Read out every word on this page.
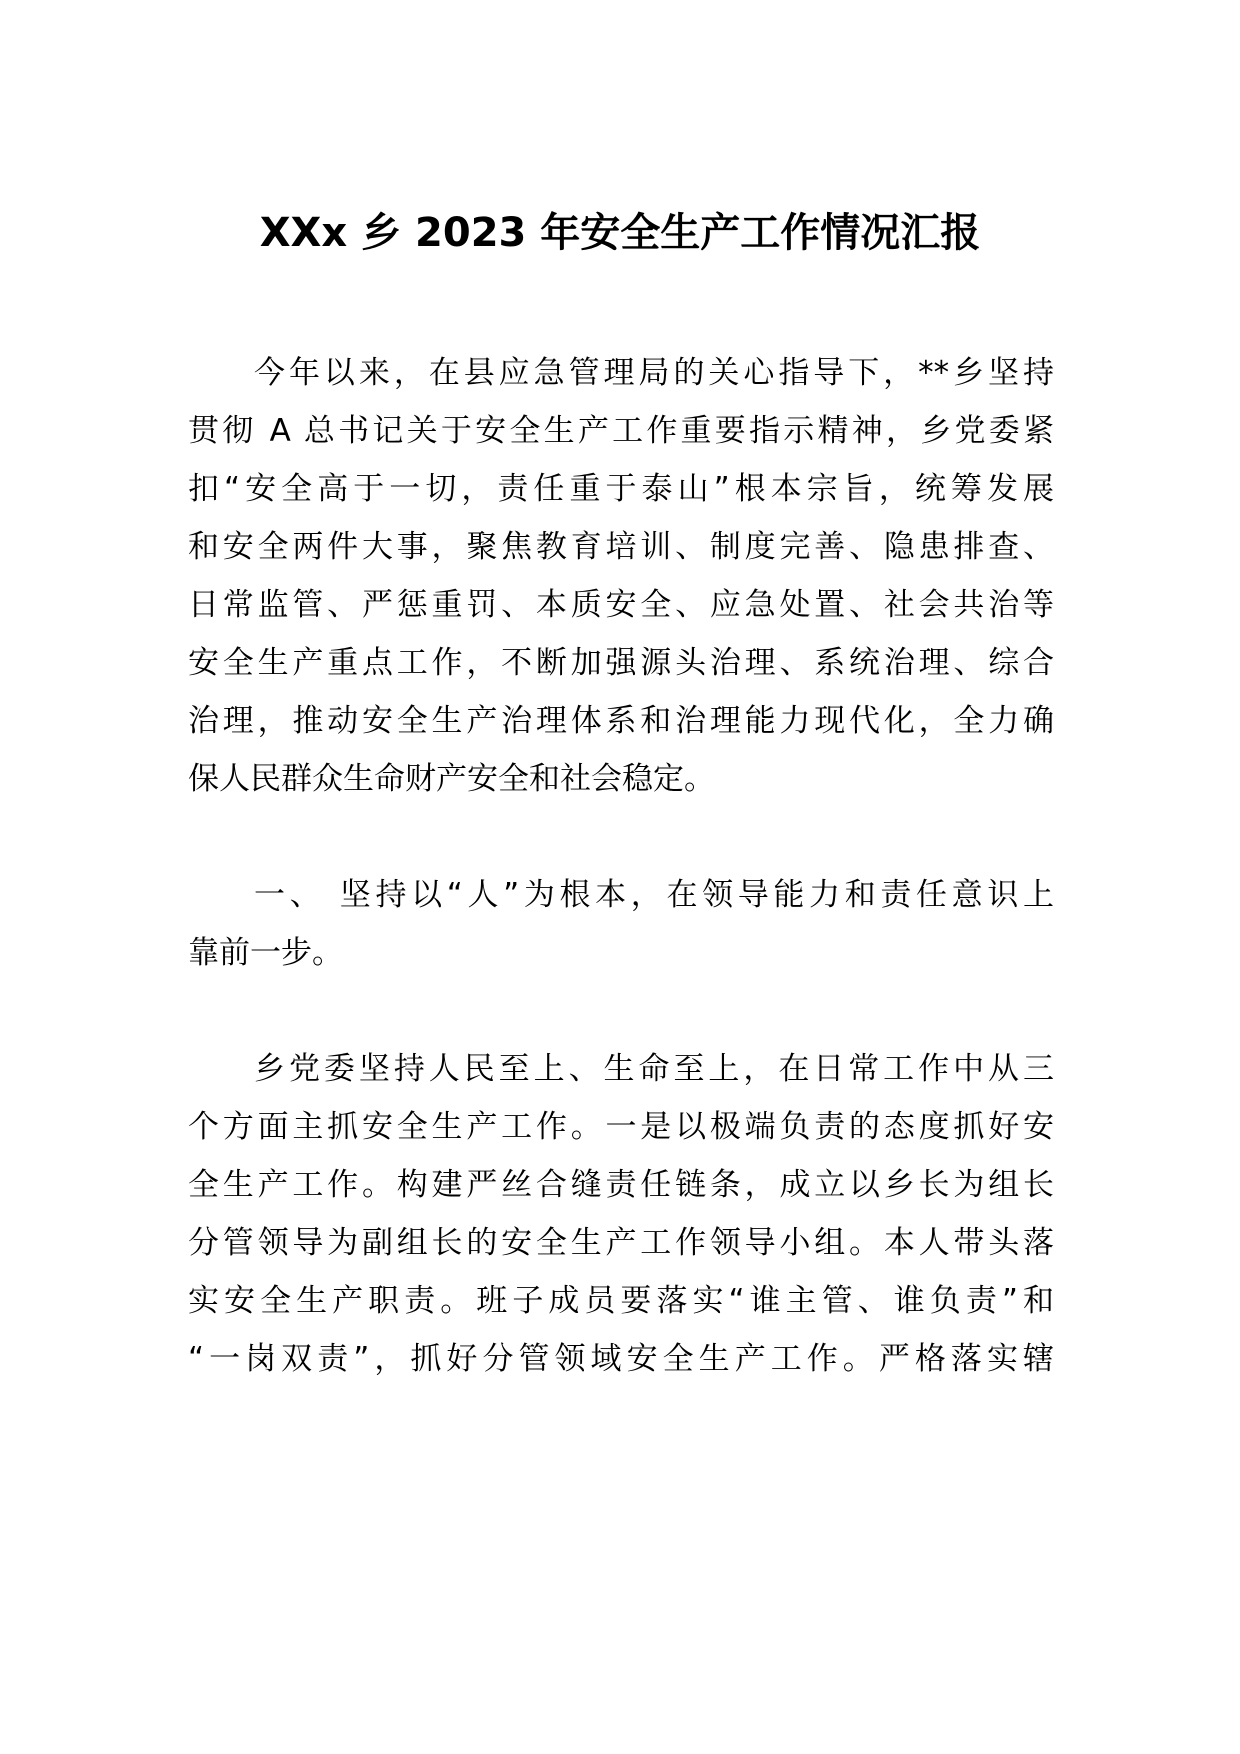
XXx 乡 2023 年安全生产工作情况汇报
今年以来，在县应急管理局的关心指导下，**乡坚持
贯彻 A 总书记关于安全生产工作重要指示精神，乡党委紧
扣“安全高于一切，责任重于泰山”根本宗旨，统筹发展
和安全两件大事，聚焦教育培训、制度完善、隐患排查、
日常监管、严惩重罚、本质安全、应急处置、社会共治等
安全生产重点工作，不断加强源头治理、系统治理、综合
治理，推动安全生产治理体系和治理能力现代化，全力确
保人民群众生命财产安全和社会稳定。
一、 坚持以“人”为根本，在领导能力和责任意识上
靠前一步。
乡党委坚持人民至上、生命至上，在日常工作中从三
个方面主抓安全生产工作。一是以极端负责的态度抓好安
全生产工作。构建严丝合缝责任链条，成立以乡长为组长
分管领导为副组长的安全生产工作领导小组。本人带头落
实安全生产职责。班子成员要落实“谁主管、谁负责”和
“一岗双责”，抓好分管领域安全生产工作。严格落实辖
